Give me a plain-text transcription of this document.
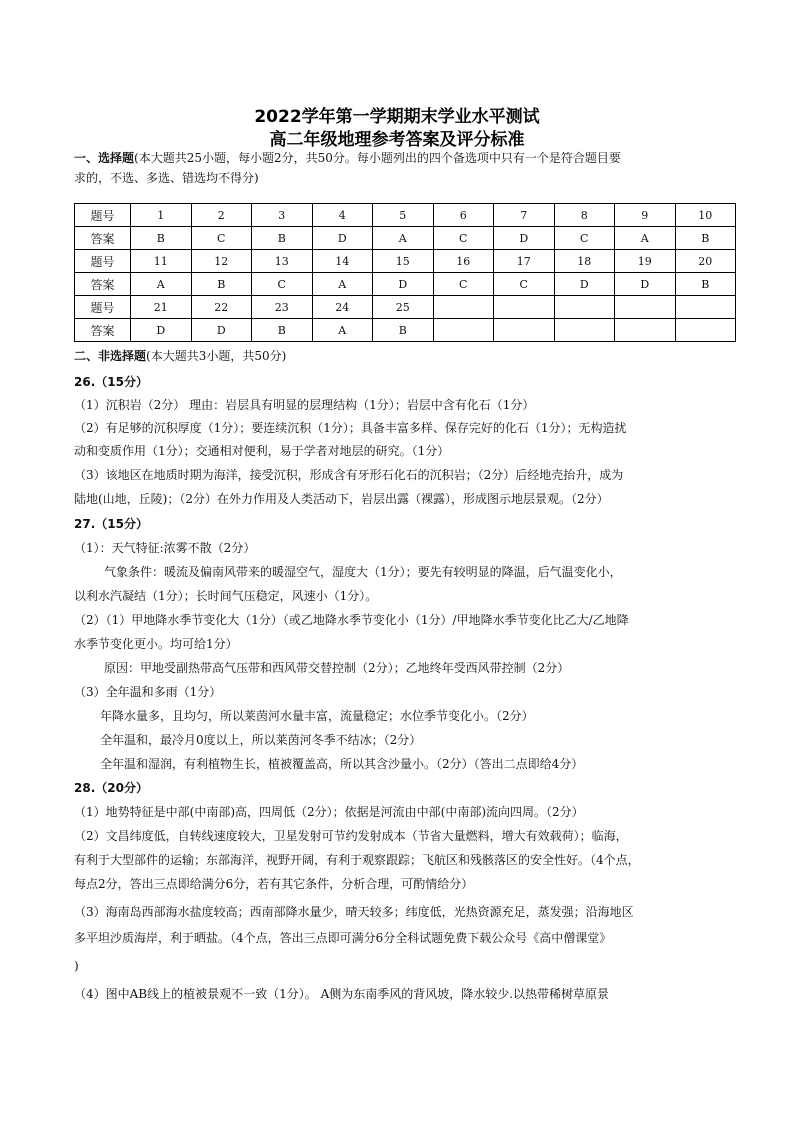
2022学年第一学期期末学业水平测试
高二年级地理参考答案及评分标准
一、选择题(本大题共25小题，每小题2分，共50分。每小题列出的四个备选项中只有一个是符合题目要
求的，不选、多选、错选均不得分)
题号	1	2	3	4	5	6	7	8	9	10
答案	B	C	B	D	A	C	D	C	A	B
题号	11	12	13	14	15	16	17	18	19	20
答案	A	B	C	A	D	C	C	D	D	B
题号	21	22	23	24	25					
答案	D	D	B	A	B					
二、非选择题(本大题共3小题，共50分)
26.（15分）
（1）沉积岩（2分） 理由：岩层具有明显的层理结构（1分）；岩层中含有化石（1分）
（2）有足够的沉积厚度（1分）；要连续沉积（1分）；具备丰富多样、保存完好的化石（1分）；无构造扰
动和变质作用（1分）；交通相对便利，易于学者对地层的研究。（1分）
（3）该地区在地质时期为海洋，接受沉积，形成含有牙形石化石的沉积岩；（2分）后经地壳抬升，成为
陆地(山地，丘陵)；（2分）在外力作用及人类活动下，岩层出露（裸露），形成图示地层景观。（2分）
27.（15分）
（1）：天气特征:浓雾不散（2分）
气象条件：暖流及偏南风带来的暖湿空气，湿度大（1分）；要先有较明显的降温，后气温变化小，
以利水汽凝结（1分）；长时间气压稳定，风速小（1分）。
（2）（1）甲地降水季节变化大（1分）（或乙地降水季节变化小（1分）/甲地降水季节变化比乙大/乙地降
水季节变化更小。均可给1分）
原因：甲地受副热带高气压带和西风带交替控制（2分）；乙地终年受西风带控制（2分）
（3）全年温和多雨（1分）
年降水量多，且均匀，所以莱茵河水量丰富，流量稳定；水位季节变化小。（2分）
全年温和，最冷月0度以上，所以莱茵河冬季不结冰；（2分）
全年温和湿润，有利植物生长，植被覆盖高，所以其含沙量小。（2分）（答出二点即给4分）
28.（20分）
（1）地势特征是中部(中南部)高，四周低（2分）；依据是河流由中部(中南部)流向四周。（2分）
（2）文昌纬度低，自转线速度较大，卫星发射可节约发射成本（节省大量燃料，增大有效载荷）；临海，
有利于大型部件的运输；东部海洋，视野开阔，有利于观察跟踪；飞航区和残骸落区的安全性好。（4个点，
每点2分，答出三点即给满分6分，若有其它条件，分析合理，可酌情给分）
（3）海南岛西部海水盐度较高；西南部降水量少，晴天较多；纬度低，光热资源充足，蒸发强；沿海地区
多平坦沙质海岸，利于晒盐。（4个点，答出三点即可满分6分全科试题免费下载公众号《高中僧课堂》
)
（4）图中AB线上的植被景观不一致（1分）。 A侧为东南季风的背风坡，降水较少.以热带稀树草原景
